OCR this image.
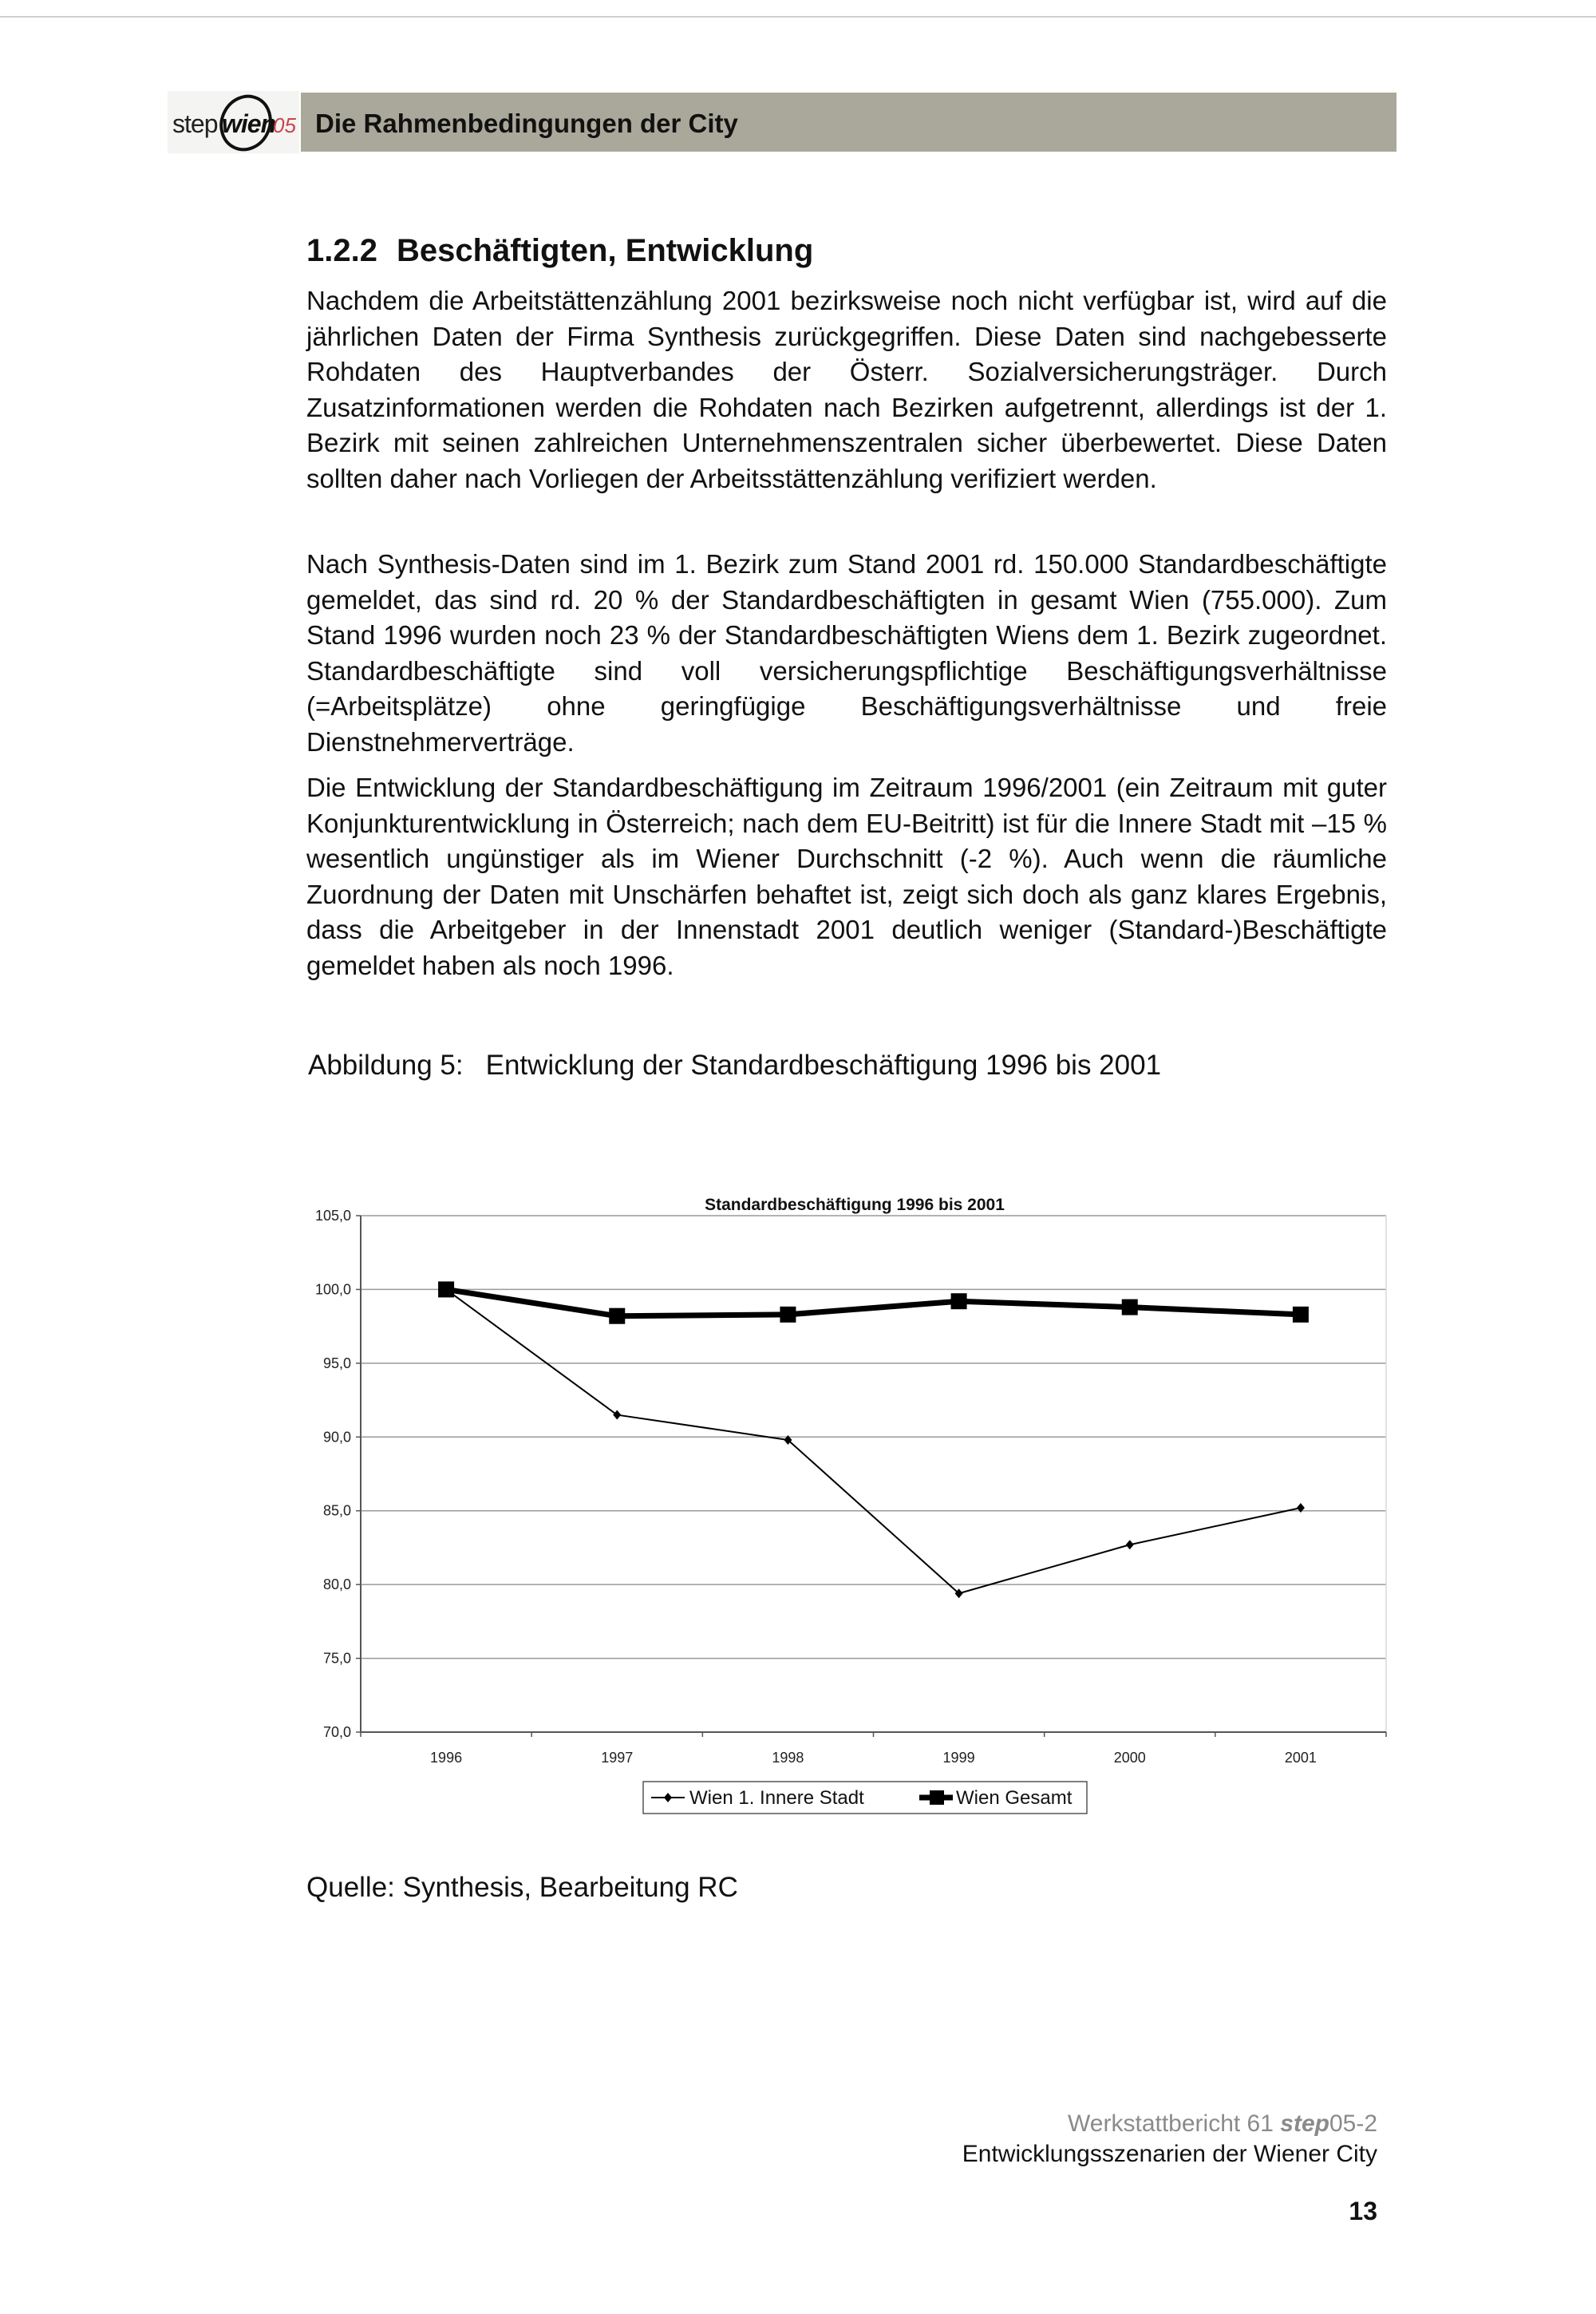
step wien
05 Die Rahmenbedingungen der City
1.2.2 Beschäftigten, Entwicklung

Nachdem die Arbeitstättenzählung 2001 bezirksweise noch nicht verfügbar ist, wird auf die jährlichen Daten der Firma Synthesis zurückgegriffen. Diese Daten sind nachgebesserte Rohdaten des Hauptverbandes der Österr. Sozialversicherungsträger. Durch Zusatzinformationen werden die Rohdaten nach Bezirken aufgetrennt, allerdings ist der 1. Bezirk mit seinen zahlreichen Unternehmenszentralen sicher überbewertet. Diese Daten sollten daher nach Vorliegen der Arbeitsstättenzählung verifiziert werden.

Nach Synthesis-Daten sind im 1. Bezirk zum Stand 2001 rd. 150.000 Standardbeschäftigte gemeldet, das sind rd. 20 % der Standardbeschäftigten in gesamt Wien (755.000). Zum Stand 1996 wurden noch 23 % der Standardbeschäftigten Wiens dem 1. Bezirk zugeordnet. Standardbeschäftigte sind voll versicherungspflichtige Beschäftigungsverhältnisse (=Arbeitsplätze) ohne geringfügige Beschäftigungsverhältnisse und freie Dienstnehmerverträge.

Die Entwicklung der Standardbeschäftigung im Zeitraum 1996/2001 (ein Zeitraum mit guter Konjunkturentwicklung in Österreich; nach dem EU-Beitritt) ist für die Innere Stadt mit –15 % wesentlich ungünstiger als im Wiener Durchschnitt (-2 %). Auch wenn die räumliche Zuordnung der Daten mit Unschärfen behaftet ist, zeigt sich doch als ganz klares Ergebnis, dass die Arbeitgeber in der Innenstadt 2001 deutlich weniger (Standard-)Beschäftigte gemeldet haben als noch 1996.

Abbildung 5: Entwicklung der Standardbeschäftigung 1996 bis 2001
Standardbeschäftigung 1996 bis 2001
70,0
75,0
80,0
85,0
90,0
95,0
100,0
105,0
1996	1997	1998	1999	2000	2001
Wien 1. Innere Stadt	Wien Gesamt
Quelle: Synthesis, Bearbeitung RC
Werkstattbericht 61 step05-2
Entwicklungsszenarien der Wiener City
13
